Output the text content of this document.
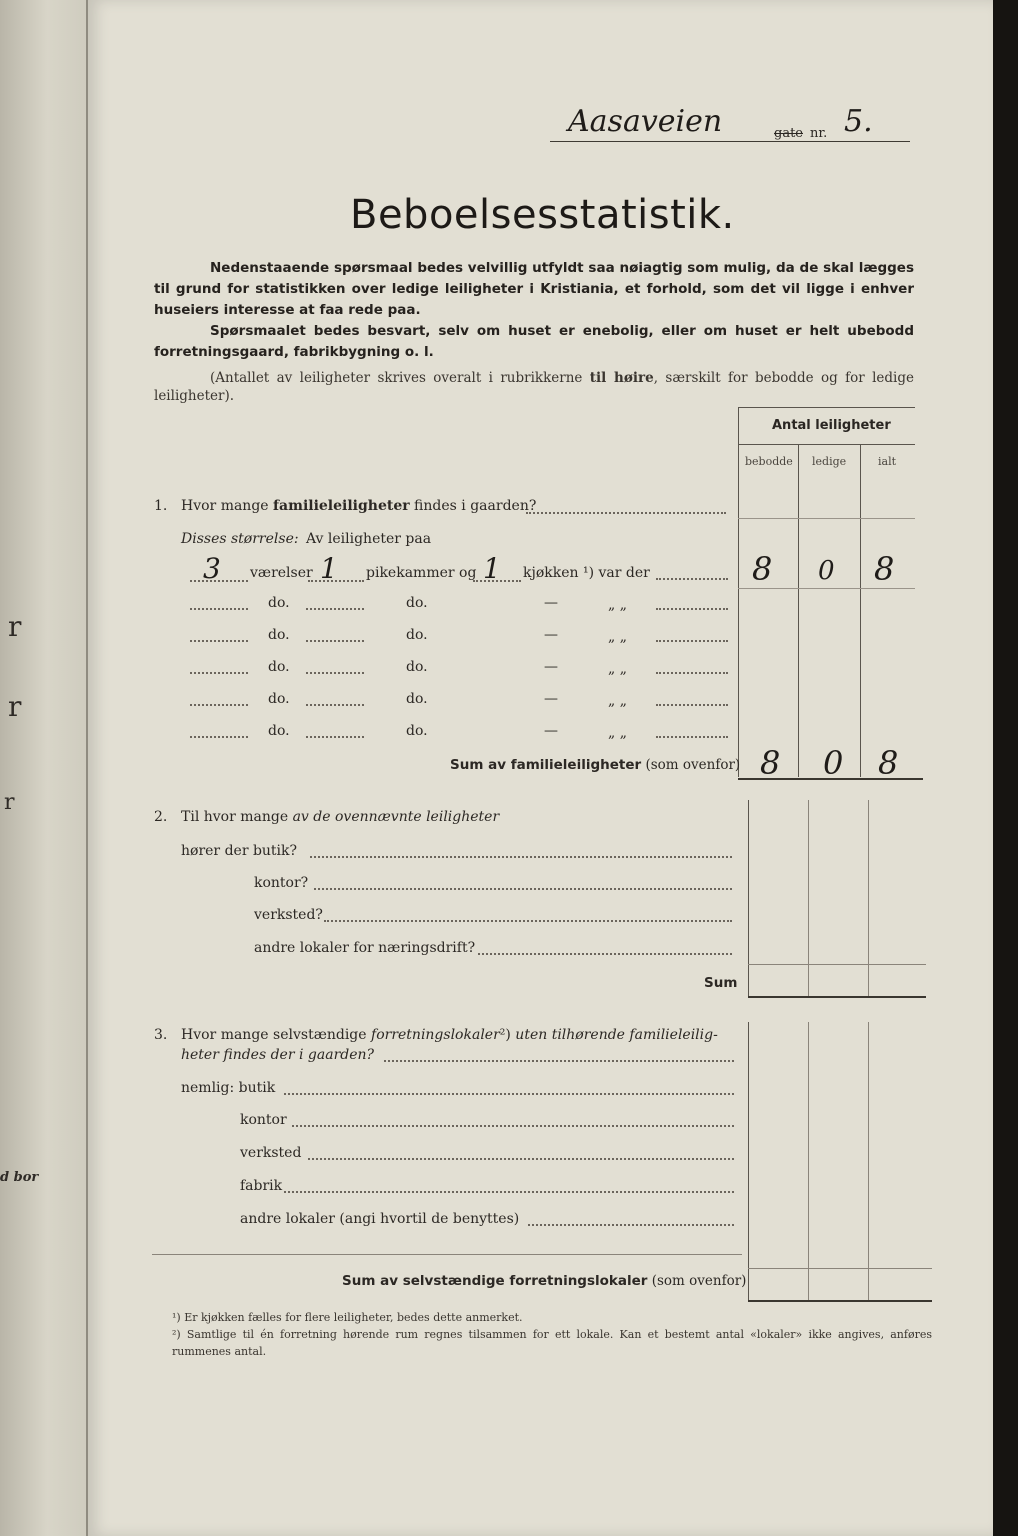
r
r
r
d bor
Aasaveien	gate nr. 5.
Beboelsesstatistik.

Nedenstaaende spørsmaal bedes velvillig utfyldt saa nøiagtig som mulig, da de skal lægges til grund for statistikken over ledige leiligheter i Kristiania, et forhold, som det vil ligge i enhver huseiers interesse at faa rede paa.

Spørsmaalet bedes besvart, selv om huset er enebolig, eller om huset er helt ubebodd forretningsgaard, fabrikbygning o. l.

(Antallet av leiligheter skrives overalt i rubrikkerne til høire, særskilt for bebodde og for ledige leiligheter).
Antal leiligheter
bebodde ledige	ialt
1. Hvor mange familieleiligheter findes i gaarden?
Disses størrelse: Av leiligheter paa
3 værelser 1 pikekammer og 1 kjøkken ¹) var der	8 0 8
do.	do.	—	„ „
do.	do.	—	„ „
do.	do.	—	„ „
do.	do.	—	„ „
do.	do.	—	„ „
Sum av familieleiligheter (som ovenfor) 8 0 8
2. Til hvor mange av de ovennævnte leiligheter
hører der butik?
kontor?
verksted?
andre lokaler for næringsdrift?
Sum
3. Hvor mange selvstændige forretningslokaler²) uten tilhørende familieleilig-
heter findes der i gaarden?
nemlig: butik
kontor
verksted
fabrik
andre lokaler (angi hvortil de benyttes)
Sum av selvstændige forretningslokaler (som ovenfor)
¹) Er kjøkken fælles for flere leiligheter, bedes dette anmerket.
²) Samtlige til én forretning hørende rum regnes tilsammen for ett lokale. Kan et bestemt antal «lokaler» ikke angives, anføres rummenes antal.
